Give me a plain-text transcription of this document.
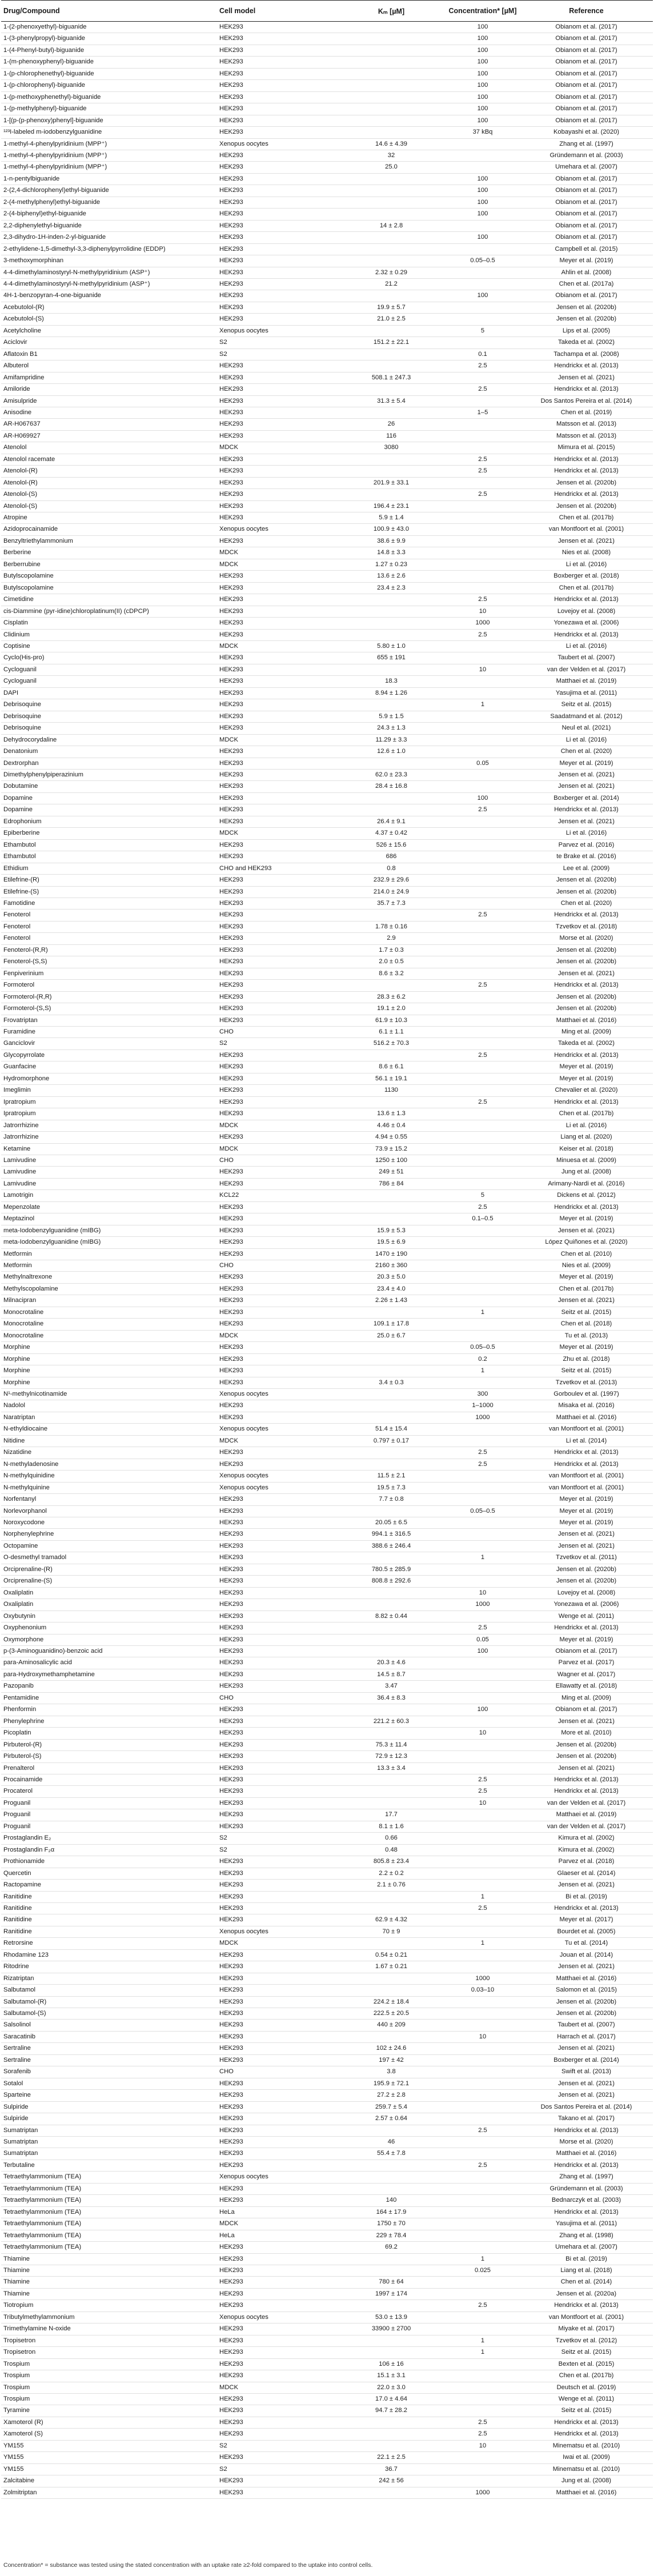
Drug/Compound	Cell model	Kₘ [µM]	Concentration* [µM]	Reference
1-(2-phenoxyethyl)-biguanide	HEK293		100	Obianom et al. (2017)
1-(3-phenylpropyl)-biguanide	HEK293		100	Obianom et al. (2017)
1-(4-Phenyl-butyl)-biguanide	HEK293		100	Obianom et al. (2017)
1-(m-phenoxyphenyl)-biguanide	HEK293		100	Obianom et al. (2017)
1-(p-chlorophenethyl)-biguanide	HEK293		100	Obianom et al. (2017)
1-(p-chlorophenyl)-biguanide	HEK293		100	Obianom et al. (2017)
1-(p-methoxyphenethyl)-biguanide	HEK293		100	Obianom et al. (2017)
1-(p-methylphenyl)-biguanide	HEK293		100	Obianom et al. (2017)
1-[(p-(p-phenoxy)phenyl]-biguanide	HEK293		100	Obianom et al. (2017)
¹²³I-labeled m-iodobenzylguanidine	HEK293		37 kBq	Kobayashi et al. (2020)
1-methyl-4-phenylpyridinium (MPP⁺)	Xenopus oocytes	14.6 ± 4.39		Zhang et al. (1997)
1-methyl-4-phenylpyridinium (MPP⁺)	HEK293	32		Gründemann et al. (2003)
1-methyl-4-phenylpyridinium (MPP⁺)	HEK293	25.0		Umehara et al. (2007)
1-n-pentylbiguanide	HEK293		100	Obianom et al. (2017)
2-(2,4-dichlorophenyl)ethyl-biguanide	HEK293		100	Obianom et al. (2017)
2-(4-methylphenyl)ethyl-biguanide	HEK293		100	Obianom et al. (2017)
2-(4-biphenyl)ethyl-biguanide	HEK293		100	Obianom et al. (2017)
2,2-diphenylethyl-biguanide	HEK293	14 ± 2.8		Obianom et al. (2017)
2,3-dihydro-1H-inden-2-yl-biguanide	HEK293		100	Obianom et al. (2017)
2-ethylidene-1,5-dimethyl-3,3-diphenylpyrrolidine (EDDP)	HEK293			Campbell et al. (2015)
3-methoxymorphinan	HEK293		0.05–0.5	Meyer et al. (2019)
4-4-dimethylaminostyryl-N-methylpyridinium (ASP⁺)	HEK293	2.32 ± 0.29		Ahlin et al. (2008)
4-4-dimethylaminostyryl-N-methylpyridinium (ASP⁺)	HEK293	21.2		Chen et al. (2017a)
4H-1-benzopyran-4-one-biguanide	HEK293		100	Obianom et al. (2017)
Acebutolol-(R)	HEK293	19.9 ± 5.7		Jensen et al. (2020b)
Acebutolol-(S)	HEK293	21.0 ± 2.5		Jensen et al. (2020b)
Acetylcholine	Xenopus oocytes		5	Lips et al. (2005)
Aciclovir	S2	151.2 ± 22.1		Takeda et al. (2002)
Aflatoxin B1	S2		0.1	Tachampa et al. (2008)
Albuterol	HEK293		2.5	Hendrickx et al. (2013)
Amifampridine	HEK293	508.1 ± 247.3		Jensen et al. (2021)
Amiloride	HEK293		2.5	Hendrickx et al. (2013)
Amisulpride	HEK293	31.3 ± 5.4		Dos Santos Pereira et al. (2014)
Anisodine	HEK293		1–5	Chen et al. (2019)
AR-H067637	HEK293	26		Matsson et al. (2013)
AR-H069927	HEK293	116		Matsson et al. (2013)
Atenolol	MDCK	3080		Mimura et al. (2015)
Atenolol racemate	HEK293		2.5	Hendrickx et al. (2013)
Atenolol-(R)	HEK293		2.5	Hendrickx et al. (2013)
Atenolol-(R)	HEK293	201.9 ± 33.1		Jensen et al. (2020b)
Atenolol-(S)	HEK293		2.5	Hendrickx et al. (2013)
Atenolol-(S)	HEK293	196.4 ± 23.1		Jensen et al. (2020b)
Atropine	HEK293	5.9 ± 1.4		Chen et al. (2017b)
Azidoprocainamide	Xenopus oocytes	100.9 ± 43.0		van Montfoort et al. (2001)
Benzyltriethylammonium	HEK293	38.6 ± 9.9		Jensen et al. (2021)
Berberine	MDCK	14.8 ± 3.3		Nies et al. (2008)
Berberrubine	MDCK	1.27 ± 0.23		Li et al. (2016)
Butylscopolamine	HEK293	13.6 ± 2.6		Boxberger et al. (2018)
Butylscopolamine	HEK293	23.4 ± 2.3		Chen et al. (2017b)
Cimetidine	HEK293		2.5	Hendrickx et al. (2013)
cis-Diammine (pyr-idine)chloroplatinum(II) (cDPCP)	HEK293		10	Lovejoy et al. (2008)
Cisplatin	HEK293		1000	Yonezawa et al. (2006)
Clidinium	HEK293		2.5	Hendrickx et al. (2013)
Coptisine	MDCK	5.80 ± 1.0		Li et al. (2016)
Cyclo(His-pro)	HEK293	655 ± 191		Taubert et al. (2007)
Cycloguanil	HEK293		10	van der Velden et al. (2017)
Cycloguanil	HEK293	18.3		Matthaei et al. (2019)
DAPI	HEK293	8.94 ± 1.26		Yasujima et al. (2011)
Debrisoquine	HEK293		1	Seitz et al. (2015)
Debrisoquine	HEK293	5.9 ± 1.5		Saadatmand et al. (2012)
Debrisoquine	HEK293	24.3 ± 1.3		Neul et al. (2021)
Dehydrocorydaline	MDCK	11.29 ± 3.3		Li et al. (2016)
Denatonium	HEK293	12.6 ± 1.0		Chen et al. (2020)
Dextrorphan	HEK293		0.05	Meyer et al. (2019)
Dimethylphenylpiperazinium	HEK293	62.0 ± 23.3		Jensen et al. (2021)
Dobutamine	HEK293	28.4 ± 16.8		Jensen et al. (2021)
Dopamine	HEK293		100	Boxberger et al. (2014)
Dopamine	HEK293		2.5	Hendrickx et al. (2013)
Edrophonium	HEK293	26.4 ± 9.1		Jensen et al. (2021)
Epiberberine	MDCK	4.37 ± 0.42		Li et al. (2016)
Ethambutol	HEK293	526 ± 15.6		Parvez et al. (2016)
Ethambutol	HEK293	686		te Brake et al. (2016)
Ethidium	CHO and HEK293	0.8		Lee et al. (2009)
Etilefrine-(R)	HEK293	232.9 ± 29.6		Jensen et al. (2020b)
Etilefrine-(S)	HEK293	214.0 ± 24.9		Jensen et al. (2020b)
Famotidine	HEK293	35.7 ± 7.3		Chen et al. (2020)
Fenoterol	HEK293		2.5	Hendrickx et al. (2013)
Fenoterol	HEK293	1.78 ± 0.16		Tzvetkov et al. (2018)
Fenoterol	HEK293	2.9		Morse et al. (2020)
Fenoterol-(R,R)	HEK293	1.7 ± 0.3		Jensen et al. (2020b)
Fenoterol-(S,S)	HEK293	2.0 ± 0.5		Jensen et al. (2020b)
Fenpiverinium	HEK293	8.6 ± 3.2		Jensen et al. (2021)
Formoterol	HEK293		2.5	Hendrickx et al. (2013)
Formoterol-(R,R)	HEK293	28.3 ± 6.2		Jensen et al. (2020b)
Formoterol-(S,S)	HEK293	19.1 ± 2.0		Jensen et al. (2020b)
Frovatriptan	HEK293	61.9 ± 10.3		Matthaei et al. (2016)
Furamidine	CHO	6.1 ± 1.1		Ming et al. (2009)
Ganciclovir	S2	516.2 ± 70.3		Takeda et al. (2002)
Glycopyrrolate	HEK293		2.5	Hendrickx et al. (2013)
Guanfacine	HEK293	8.6 ± 6.1		Meyer et al. (2019)
Hydromorphone	HEK293	56.1 ± 19.1		Meyer et al. (2019)
Imeglimin	HEK293	1130		Chevalier et al. (2020)
Ipratropium	HEK293		2.5	Hendrickx et al. (2013)
Ipratropium	HEK293	13.6 ± 1.3		Chen et al. (2017b)
Jatrorrhizine	MDCK	4.46 ± 0.4		Li et al. (2016)
Jatrorrhizine	HEK293	4.94 ± 0.55		Liang et al. (2020)
Ketamine	MDCK	73.9 ± 15.2		Keiser et al. (2018)
Lamivudine	CHO	1250 ± 100		Minuesa et al. (2009)
Lamivudine	HEK293	249 ± 51		Jung et al. (2008)
Lamivudine	HEK293	786 ± 84		Arimany-Nardi et al. (2016)
Lamotrigin	KCL22		5	Dickens et al. (2012)
Mepenzolate	HEK293		2.5	Hendrickx et al. (2013)
Meptazinol	HEK293		0.1–0.5	Meyer et al. (2019)
meta-Iodobenzylguanidine (mIBG)	HEK293	15.9 ± 5.3		Jensen et al. (2021)
meta-Iodobenzylguanidine (mIBG)	HEK293	19.5 ± 6.9		López Quiñones et al. (2020)
Metformin	HEK293	1470 ± 190		Chen et al. (2010)
Metformin	CHO	2160 ± 360		Nies et al. (2009)
Methylnaltrexone	HEK293	20.3 ± 5.0		Meyer et al. (2019)
Methylscopolamine	HEK293	23.4 ± 4.0		Chen et al. (2017b)
Milnacipran	HEK293	2.26 ± 1.43		Jensen et al. (2021)
Monocrotaline	HEK293		1	Seitz et al. (2015)
Monocrotaline	HEK293	109.1 ± 17.8		Chen et al. (2018)
Monocrotaline	MDCK	25.0 ± 6.7		Tu et al. (2013)
Morphine	HEK293		0.05–0.5	Meyer et al. (2019)
Morphine	HEK293		0.2	Zhu et al. (2018)
Morphine	HEK293		1	Seitz et al. (2015)
Morphine	HEK293	3.4 ± 0.3		Tzvetkov et al. (2013)
N¹-methylnicotinamide	Xenopus oocytes		300	Gorboulev et al. (1997)
Nadolol	HEK293		1–1000	Misaka et al. (2016)
Naratriptan	HEK293		1000	Matthaei et al. (2016)
N-ethyldiocaine	Xenopus oocytes	51.4 ± 15.4		van Montfoort et al. (2001)
Nitidine	MDCK	0.797 ± 0.17		Li et al. (2014)
Nizatidine	HEK293		2.5	Hendrickx et al. (2013)
N-methyladenosine	HEK293		2.5	Hendrickx et al. (2013)
N-methylquinidine	Xenopus oocytes	11.5 ± 2.1		van Montfoort et al. (2001)
N-methylquinine	Xenopus oocytes	19.5 ± 7.3		van Montfoort et al. (2001)
Norfentanyl	HEK293	7.7 ± 0.8		Meyer et al. (2019)
Norlevorphanol	HEK293		0.05–0.5	Meyer et al. (2019)
Noroxycodone	HEK293	20.05 ± 6.5		Meyer et al. (2019)
Norphenylephrine	HEK293	994.1 ± 316.5		Jensen et al. (2021)
Octopamine	HEK293	388.6 ± 246.4		Jensen et al. (2021)
O-desmethyl tramadol	HEK293		1	Tzvetkov et al. (2011)
Orciprenaline-(R)	HEK293	780.5 ± 285.9		Jensen et al. (2020b)
Orciprenaline-(S)	HEK293	808.8 ± 292.6		Jensen et al. (2020b)
Oxaliplatin	HEK293		10	Lovejoy et al. (2008)
Oxaliplatin	HEK293		1000	Yonezawa et al. (2006)
Oxybutynin	HEK293	8.82 ± 0.44		Wenge et al. (2011)
Oxyphenonium	HEK293		2.5	Hendrickx et al. (2013)
Oxymorphone	HEK293		0.05	Meyer et al. (2019)
p-(3-Aminoguanidino)-benzoic acid	HEK293		100	Obianom et al. (2017)
para-Aminosalicylic acid	HEK293	20.3 ± 4.6		Parvez et al. (2017)
para-Hydroxymethamphetamine	HEK293	14.5 ± 8.7		Wagner et al. (2017)
Pazopanib	HEK293	3.47		Ellawatty et al. (2018)
Pentamidine	CHO	36.4 ± 8.3		Ming et al. (2009)
Phenformin	HEK293		100	Obianom et al. (2017)
Phenylephrine	HEK293	221.2 ± 60.3		Jensen et al. (2021)
Picoplatin	HEK293		10	More et al. (2010)
Pirbuterol-(R)	HEK293	75.3 ± 11.4		Jensen et al. (2020b)
Pirbuterol-(S)	HEK293	72.9 ± 12.3		Jensen et al. (2020b)
Prenalterol	HEK293	13.3 ± 3.4		Jensen et al. (2021)
Procainamide	HEK293		2.5	Hendrickx et al. (2013)
Procaterol	HEK293		2.5	Hendrickx et al. (2013)
Proguanil	HEK293		10	van der Velden et al. (2017)
Proguanil	HEK293	17.7		Matthaei et al. (2019)
Proguanil	HEK293	8.1 ± 1.6		van der Velden et al. (2017)
Prostaglandin E₂	S2	0.66		Kimura et al. (2002)
Prostaglandin F₂α	S2	0.48		Kimura et al. (2002)
Prothionamide	HEK293	805.8 ± 23.4		Parvez et al. (2018)
Quercetin	HEK293	2.2 ± 0.2		Glaeser et al. (2014)
Ractopamine	HEK293	2.1 ± 0.76		Jensen et al. (2021)
Ranitidine	HEK293		1	Bi et al. (2019)
Ranitidine	HEK293		2.5	Hendrickx et al. (2013)
Ranitidine	HEK293	62.9 ± 4.32		Meyer et al. (2017)
Ranitidine	Xenopus oocytes	70 ± 9		Bourdet et al. (2005)
Retrorsine	MDCK		1	Tu et al. (2014)
Rhodamine 123	HEK293	0.54 ± 0.21		Jouan et al. (2014)
Ritodrine	HEK293	1.67 ± 0.21		Jensen et al. (2021)
Rizatriptan	HEK293		1000	Matthaei et al. (2016)
Salbutamol	HEK293		0.03–10	Salomon et al. (2015)
Salbutamol-(R)	HEK293	224.2 ± 18.4		Jensen et al. (2020b)
Salbutamol-(S)	HEK293	222.5 ± 20.5		Jensen et al. (2020b)
Salsolinol	HEK293	440 ± 209		Taubert et al. (2007)
Saracatinib	HEK293		10	Harrach et al. (2017)
Sertraline	HEK293	102 ± 24.6		Jensen et al. (2021)
Sertraline	HEK293	197 ± 42		Boxberger et al. (2014)
Sorafenib	CHO	3.8		Swift et al. (2013)
Sotalol	HEK293	195.9 ± 72.1		Jensen et al. (2021)
Sparteine	HEK293	27.2 ± 2.8		Jensen et al. (2021)
Sulpiride	HEK293	259.7 ± 5.4		Dos Santos Pereira et al. (2014)
Sulpiride	HEK293	2.57 ± 0.64		Takano et al. (2017)
Sumatriptan	HEK293		2.5	Hendrickx et al. (2013)
Sumatriptan	HEK293	46		Morse et al. (2020)
Sumatriptan	HEK293	55.4 ± 7.8		Matthaei et al. (2016)
Terbutaline	HEK293		2.5	Hendrickx et al. (2013)
Tetraethylammonium (TEA)	Xenopus oocytes			Zhang et al. (1997)
Tetraethylammonium (TEA)	HEK293			Gründemann et al. (2003)
Tetraethylammonium (TEA)	HEK293	140		Bednarczyk et al. (2003)
Tetraethylammonium (TEA)	HeLa	164 ± 17.9		Hendrickx et al. (2013)
Tetraethylammonium (TEA)	MDCK	1750 ± 70		Yasujima et al. (2011)
Tetraethylammonium (TEA)	HeLa	229 ± 78.4		Zhang et al. (1998)
Tetraethylammonium (TEA)	HEK293	69.2		Umehara et al. (2007)
Thiamine	HEK293		1	Bi et al. (2019)
Thiamine	HEK293		0.025	Liang et al. (2018)
Thiamine	HEK293	780 ± 64		Chen et al. (2014)
Thiamine	HEK293	1997 ± 174		Jensen et al. (2020a)
Tiotropium	HEK293		2.5	Hendrickx et al. (2013)
Tributylmethylammonium	Xenopus oocytes	53.0 ± 13.9		van Montfoort et al. (2001)
Trimethylamine N-oxide	HEK293	33900 ± 2700		Miyake et al. (2017)
Tropisetron	HEK293		1	Tzvetkov et al. (2012)
Tropisetron	HEK293		1	Seitz et al. (2015)
Trospium	HEK293	106 ± 16		Bexten et al. (2015)
Trospium	HEK293	15.1 ± 3.1		Chen et al. (2017b)
Trospium	MDCK	22.0 ± 3.0		Deutsch et al. (2019)
Trospium	HEK293	17.0 ± 4.64		Wenge et al. (2011)
Tyramine	HEK293	94.7 ± 28.2		Seitz et al. (2015)
Xamoterol (R)	HEK293		2.5	Hendrickx et al. (2013)
Xamoterol (S)	HEK293		2.5	Hendrickx et al. (2013)
YM155	S2		10	Minematsu et al. (2010)
YM155	HEK293	22.1 ± 2.5		Iwai et al. (2009)
YM155	S2	36.7		Minematsu et al. (2010)
Zalcitabine	HEK293	242 ± 56		Jung et al. (2008)
Zolmitriptan	HEK293		1000	Matthaei et al. (2016)
Concentration* = substance was tested using the stated concentration with an uptake rate ≥2-fold compared to the uptake into control cells.
